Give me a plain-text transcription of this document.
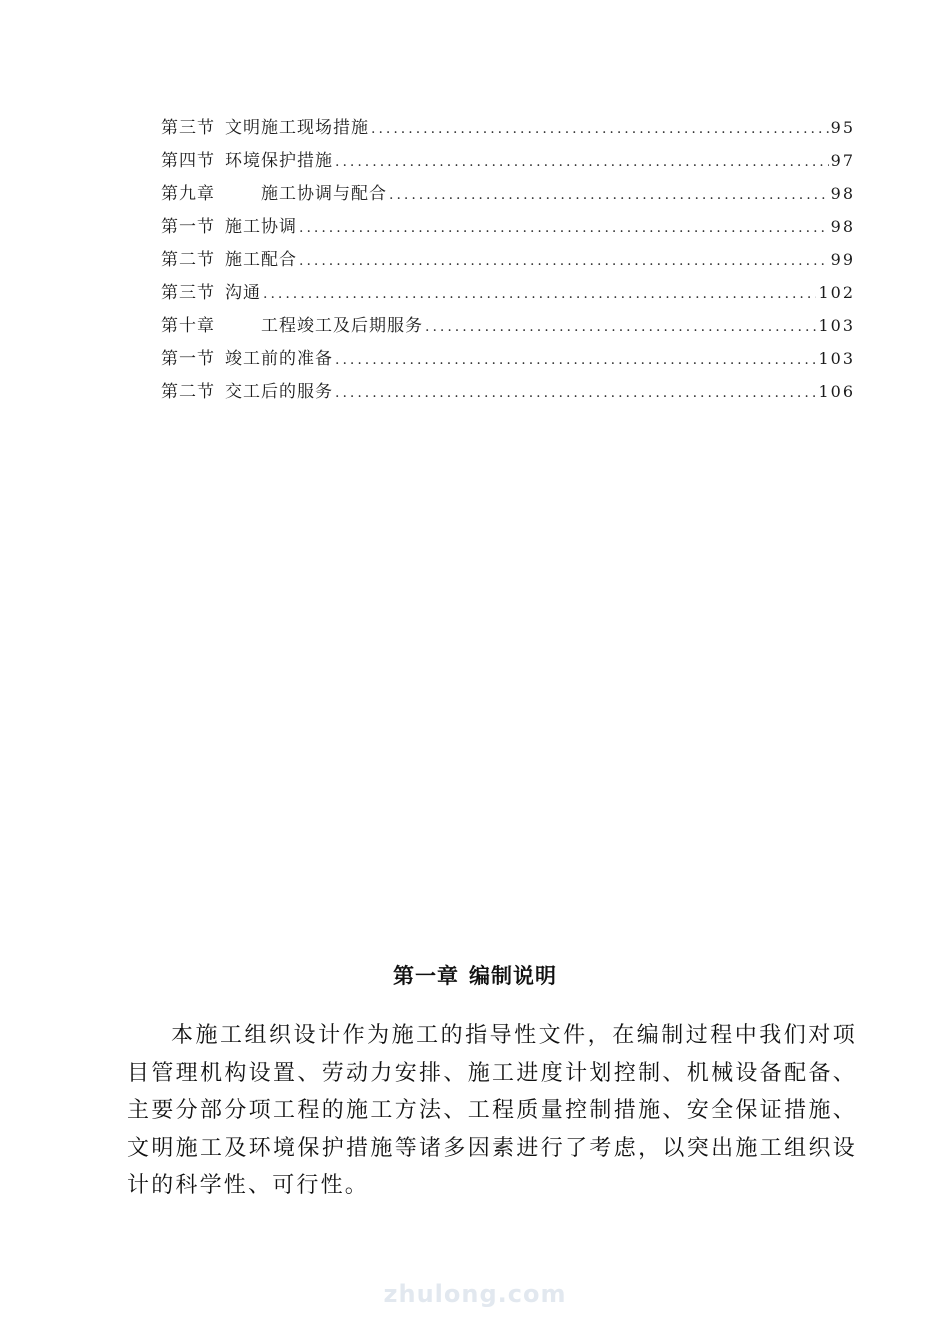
第三节 文明施工现场措施 .....	95
第四节 环境保护措施 .....	97
第九章	施工协调与配合 .....	98
第一节 施工协调 .....	98
第二节 施工配合 .....	99
第三节 沟通 .....	102
第十章	工程竣工及后期服务 .....	103
第一节 竣工前的准备 .....	103
第二节 交工后的服务 .....	106
第一章 编制说明

本施工组织设计作为施工的指导性文件，在编制过程中我们对项目管理机构设置、劳动力安排、施工进度计划控制、机械设备配备、主要分部分项工程的施工方法、工程质量控制措施、安全保证措施、文明施工及环境保护措施等诸多因素进行了考虑，以突出施工组织设计的科学性、可行性。

zhulong.com
